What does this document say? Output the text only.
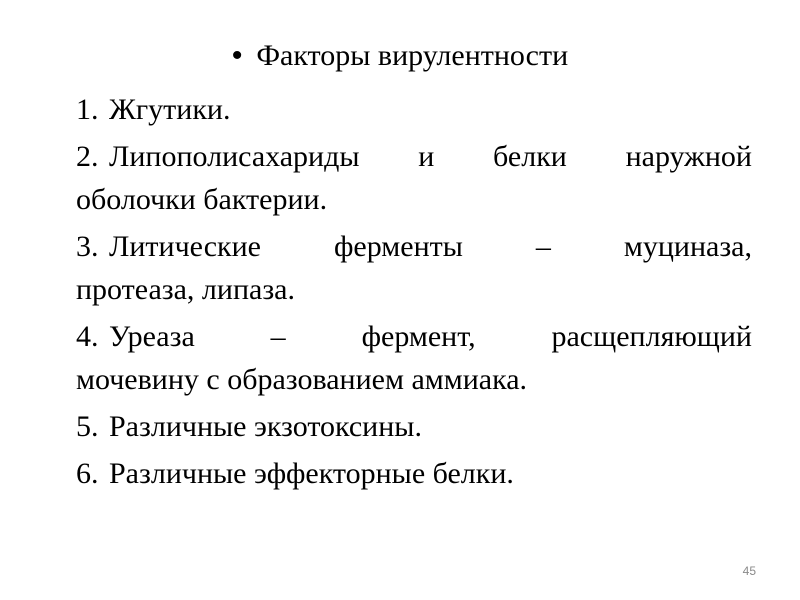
• Факторы вирулентности
1. Жгутики.
2. Липополисахариды и белки наружной
оболочки бактерии.
3. Литические ферменты – муциназа,
протеаза, липаза.
4. Уреаза – фермент, расщепляющий
мочевину с образованием аммиака.
5. Различные экзотоксины.
6. Различные эффекторные белки.
45
